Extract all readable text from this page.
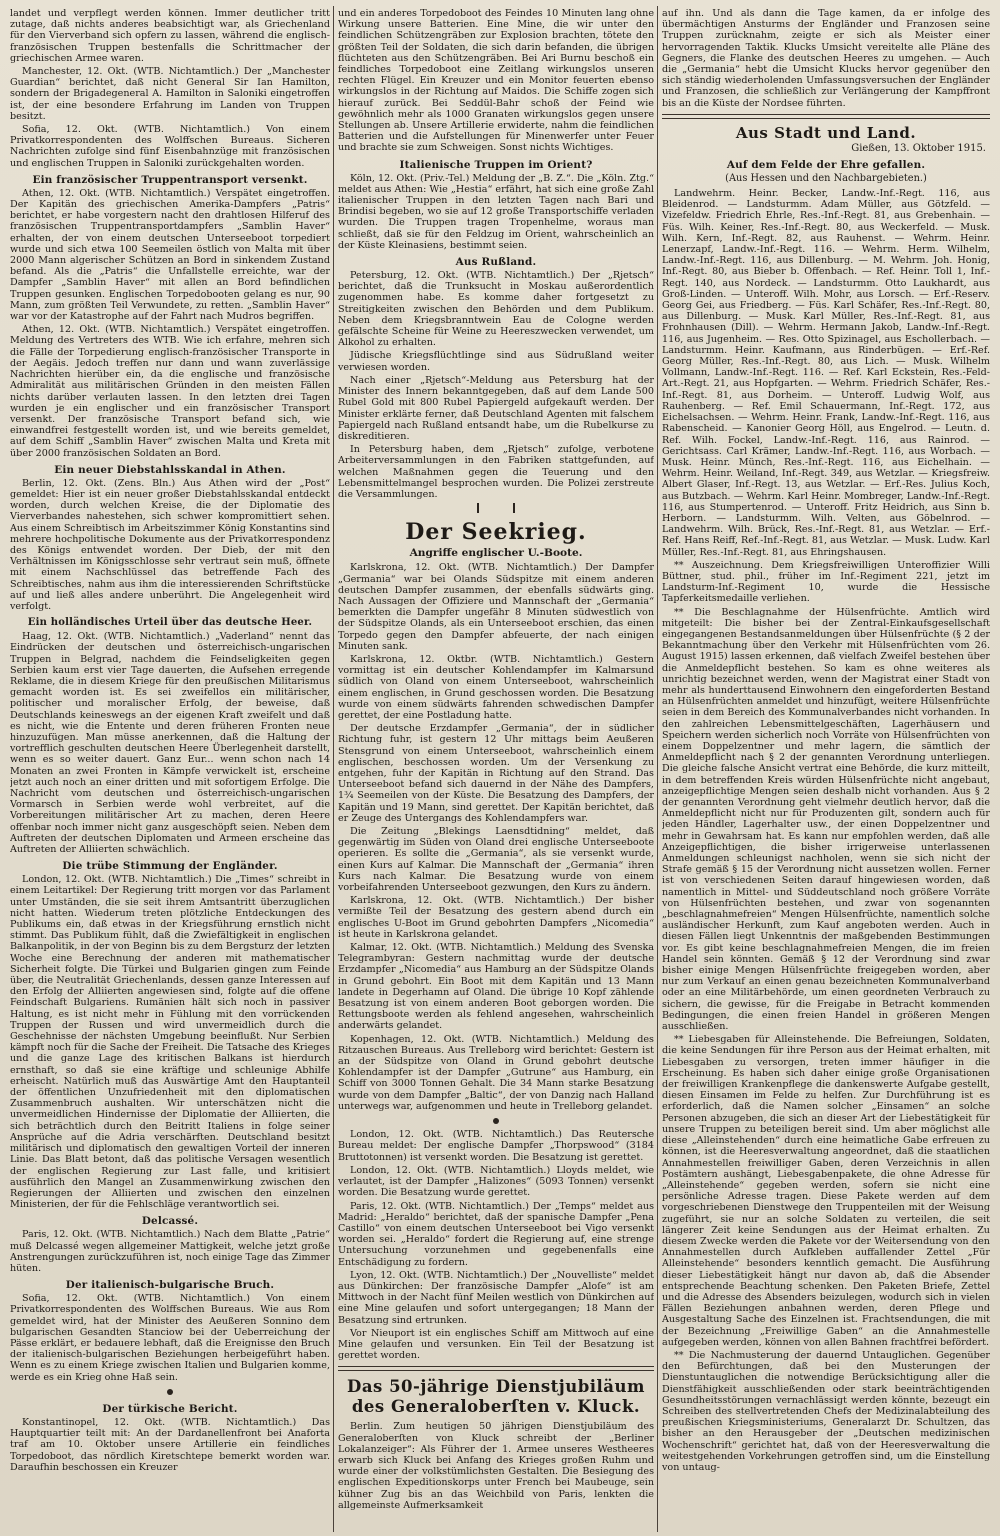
landet und verpflegt werden können. Immer deutlicher tritt zutage, daß nichts anderes beabsichtigt war, als Griechenland für den Vierverband sich opfern zu lassen, während die englisch-französischen Truppen bestenfalls die Schrittmacher der griechischen Armee waren.

Manchester, 12. Okt. (WTB. Nichtamtlich.) Der „Manchester Guardian“ berichtet, daß nicht General Sir Ian Hamilton, sondern der Brigadegeneral A. Hamilton in Saloniki eingetroffen ist, der eine besondere Erfahrung im Landen von Truppen besitzt.

Sofia, 12. Okt. (WTB. Nichtamtlich.) Von einem Privatkorrespondenten des Wolffschen Bureaus. Sicheren Nachrichten zufolge sind fünf Eisenbahnzüge mit französischen und englischen Truppen in Saloniki zurückgehalten worden.

Ein französischer Truppentransport versenkt.

Athen, 12. Okt. (WTB. Nichtamtlich.) Verspätet eingetroffen. Der Kapitän des griechischen Amerika-Dampfers „Patris“ berichtet, er habe vorgestern nacht den drahtlosen Hilferuf des französischen Truppentransportdampfers „Samblin Haver“ erhalten, der von einem deutschen Unterseeboot torpediert wurde und sich etwa 100 Seemeilen östlich von Malta mit über 2000 Mann algerischer Schützen an Bord in sinkendem Zustand befand. Als die „Patris“ die Unfallstelle erreichte, war der Dampfer „Samblin Haver“ mit allen an Bord befindlichen Truppen gesunken. Englischen Torpedobooten gelang es nur, 90 Mann, zum größten Teil Verwundete, zu retten. „Samblin Haver“ war vor der Katastrophe auf der Fahrt nach Mudros begriffen.

Athen, 12. Okt. (WTB. Nichtamtlich.) Verspätet eingetroffen. Meldung des Vertreters des WTB. Wie ich erfahre, mehren sich die Fälle der Torpedierung englisch-französischer Transporte in der Aegäis. Jedoch treffen nur dann und wann zuverlässige Nachrichten hierüber ein, da die englische und französische Admiralität aus militärischen Gründen in den meisten Fällen nichts darüber verlauten lassen. In den letzten drei Tagen wurden je ein englischer und ein französischer Transport versenkt. Der französische Transport befand sich, wie einwandfrei festgestellt worden ist, und wie bereits gemeldet, auf dem Schiff „Samblin Haver“ zwischen Malta und Kreta mit über 2000 französischen Soldaten an Bord.

Ein neuer Diebstahlsskandal in Athen.

Berlin, 12. Okt. (Zens. Bln.) Aus Athen wird der „Post“ gemeldet: Hier ist ein neuer großer Diebstahlsskandal entdeckt worden, durch welchen Kreise, die der Diplomatie des Vierverbandes nahestehen, sich schwer kompromittiert sehen. Aus einem Schreibtisch im Arbeitszimmer König Konstantins sind mehrere hochpolitische Dokumente aus der Privatkorrespondenz des Königs entwendet worden. Der Dieb, der mit den Verhältnissen im Königsschlosse sehr vertraut sein muß, öffnete mit einem Nachschlüssel das betreffende Fach des Schreibtisches, nahm aus ihm die interessierenden Schriftstücke auf und ließ alles andere unberührt. Die Angelegenheit wird verfolgt.

Ein holländisches Urteil über das deutsche Heer.

Haag, 12. Okt. (WTB. Nichtamtlich.) „Vaderland“ nennt das Eindrücken der deutschen und österreichisch-ungarischen Truppen in Belgrad, nachdem die Feindseligkeiten gegen Serbien kaum erst vier Tage dauerten, die Aufsehen erregende Reklame, die in diesem Kriege für den preußischen Militarismus gemacht worden ist. Es sei zweifellos ein militärischer, politischer und moralischer Erfolg, der beweise, daß Deutschlands keineswegs an der eigenen Kraft zweifelt und daß es nicht, wie die Entente und deren früheren Fronten neue hinzuzufügen. Man müsse anerkennen, daß die Haltung der vortrefflich geschulten deutschen Heere Überlegenheit darstellt, wenn es so weiter dauert. Ganz Eur... wenn schon nach 14 Monaten an zwei Fronten in Kämpfe verwickelt ist, erscheine jetzt auch noch an einer dritten und mit sofortigem Erfolge. Die Nachricht vom deutschen und österreichisch-ungarischen Vormarsch in Serbien werde wohl verbreitet, auf die Vorbereitungen militärischer Art zu machen, deren Heere offenbar noch immer nicht ganz ausgeschöpft seien. Neben dem Auftreten der deutschen Diplomaten und Armeen erscheine das Auftreten der Alliierten schwächlich.

Die trübe Stimmung der Engländer.

London, 12. Okt. (WTB. Nichtamtlich.) Die „Times“ schreibt in einem Leitartikel: Der Regierung tritt morgen vor das Parlament unter Umständen, die sie seit ihrem Amtsantritt überzuglichen nicht hatten. Wiederum treten plötzliche Entdeckungen des Publikums ein, daß etwas in der Kriegsführung ernstlich nicht stimmt. Das Publikum fühlt, daß die Zwiefältigkeit in englischen Balkanpolitik, in der von Beginn bis zu dem Bergsturz der letzten Woche eine Berechnung der anderen mit mathematischer Sicherheit folgte. Die Türkei und Bulgarien gingen zum Feinde über, die Neutralität Griechenlands, dessen ganze Interessen auf den Erfolg der Alliierten angewiesen sind, folgte auf die offene Feindschaft Bulgariens. Rumänien hält sich noch in passiver Haltung, es ist nicht mehr in Fühlung mit den vorrückenden Truppen der Russen und wird unvermeidlich durch die Geschehnisse der nächsten Umgebung beeinflußt. Nur Serbien kämpft noch für die Sache der Freiheit. Die Tatsache des Krieges und die ganze Lage des kritischen Balkans ist hierdurch ernsthaft, so daß sie eine kräftige und schleunige Abhilfe erheischt. Natürlich muß das Auswärtige Amt den Hauptanteil der öffentlichen Unzufriedenheit mit den diplomatischen Zusammenbruch aushalten. Wir unterschätzen nicht die unvermeidlichen Hindernisse der Diplomatie der Alliierten, die sich beträchtlich durch den Beitritt Italiens in folge seiner Ansprüche auf die Adria verschärften. Deutschland besitzt militärisch und diplomatisch den gewaltigen Vorteil der inneren Linie. Das Blatt betont, daß das politische Versagen wesentlich der englischen Regierung zur Last falle, und kritisiert ausführlich den Mangel an Zusammenwirkung zwischen den Regierungen der Alliierten und zwischen den einzelnen Ministerien, der für die Fehlschläge verantwortlich sei.

Delcassé.

Paris, 12. Okt. (WTB. Nichtamtlich.) Nach dem Blatte „Patrie“ muß Delcassé wegen allgemeiner Mattigkeit, welche jetzt große Anstrengungen zurückzuführen ist, noch einige Tage das Zimmer hüten.

Der italienisch-bulgarische Bruch.

Sofia, 12. Okt. (WTB. Nichtamtlich.) Von einem Privatkorrespondenten des Wolffschen Bureaus. Wie aus Rom gemeldet wird, hat der Minister des Aeußeren Sonnino dem bulgarischen Gesandten Stanciow bei der Ueberreichung der Pässe erklärt, er bedauere lebhaft, daß die Ereignisse den Bruch der italienisch-bulgarischen Beziehungen herbeigeführt haben. Wenn es zu einem Kriege zwischen Italien und Bulgarien komme, werde es ein Krieg ohne Haß sein.

Der türkische Bericht.

Konstantinopel, 12. Okt. (WTB. Nichtamtlich.) Das Hauptquartier teilt mit: An der Dardanellenfront bei Anaforta traf am 10. Oktober unsere Artillerie ein feindliches Torpedoboot, das nördlich Kiretschtepe bemerkt worden war. Daraufhin beschossen ein Kreuzer

und ein anderes Torpedoboot des Feindes 10 Minuten lang ohne Wirkung unsere Batterien. Eine Mine, die wir unter den feindlichen Schützengräben zur Explosion brachten, tötete den größten Teil der Soldaten, die sich darin befanden, die übrigen flüchteten aus den Schützengräben. Bei Ari Burnu beschoß ein feindliches Torpedoboot eine Zeitlang wirkungslos unseren rechten Flügel. Ein Kreuzer und ein Monitor feuerten ebenso wirkungslos in der Richtung auf Maidos. Die Schiffe zogen sich hierauf zurück. Bei Seddül-Bahr schoß der Feind wie gewöhnlich mehr als 1000 Granaten wirkungslos gegen unsere Stellungen ab. Unsere Artillerie erwiderte, nahm die feindlichen Batterien und die Aufstellungen für Minenwerfer unter Feuer und brachte sie zum Schweigen. Sonst nichts Wichtiges.

Italienische Truppen im Orient?

Köln, 12. Okt. (Priv.-Tel.) Meldung der „B. Z.“. Die „Köln. Ztg.“ meldet aus Athen: Wie „Hestia“ erfährt, hat sich eine große Zahl italienischer Truppen in den letzten Tagen nach Bari und Brindisi begeben, wo sie auf 12 große Transportschiffe verladen wurden. Die Truppen tragen Tropenhelme, woraus man schließt, daß sie für den Feldzug im Orient, wahrscheinlich an der Küste Kleinasiens, bestimmt seien.

Aus Rußland.

Petersburg, 12. Okt. (WTB. Nichtamtlich.) Der „Rjetsch“ berichtet, daß die Trunksucht in Moskau außerordentlich zugenommen habe. Es komme daher fortgesetzt zu Streitigkeiten zwischen den Behörden und dem Publikum. Neben dem Kriegsbranntwein Eau de Cologne werden gefälschte Scheine für Weine zu Heereszwecken verwendet, um Alkohol zu erhalten.

Jüdische Kriegsflüchtlinge sind aus Südrußland weiter verwiesen worden.

Nach einer „Rjetsch“-Meldung aus Petersburg hat der Minister des Innern bekanntgegeben, daß auf dem Lande 500 Rubel Gold mit 800 Rubel Papiergeld aufgekauft werden. Der Minister erklärte ferner, daß Deutschland Agenten mit falschem Papiergeld nach Rußland entsandt habe, um die Rubelkurse zu diskreditieren.

In Petersburg haben, dem „Rjetsch“ zufolge, verbotene Arbeiterversammlungen in den Fabriken stattgefunden, auf welchen Maßnahmen gegen die Teuerung und den Lebensmittelmangel besprochen wurden. Die Polizei zerstreute die Versammlungen.

Der Seekrieg.
Angriffe englischer U.-Boote.

Karlskrona, 12. Okt. (WTB. Nichtamtlich.) Der Dampfer „Germania“ war bei Olands Südspitze mit einem anderen deutschen Dampfer zusammen, der ebenfalls südwärts ging. Nach Aussagen der Offiziere und Mannschaft der „Germania“ bemerkten die Dampfer ungefähr 8 Minuten südwestlich von der Südspitze Olands, als ein Unterseeboot erschien, das einen Torpedo gegen den Dampfer abfeuerte, der nach einigen Minuten sank.

Karlskrona, 12. Oktbr. (WTB. Nichtamtlich.) Gestern vormittag ist ein deutscher Kohlendampfer im Kalmarsund südlich von Oland von einem Unterseeboot, wahrscheinlich einem englischen, in Grund geschossen worden. Die Besatzung wurde von einem südwärts fahrenden schwedischen Dampfer gerettet, der eine Postladung hatte.

Der deutsche Erzdampfer „Germania“, der in südlicher Richtung fuhr, ist gestern 12 Uhr mittags beim Aeußeren Stensgrund von einem Unterseeboot, wahrscheinlich einem englischen, beschossen worden. Um der Versenkung zu entgehen, fuhr der Kapitän in Richtung auf den Strand. Das Unterseeboot befand sich dauernd in der Nähe des Dampfers, 1¾ Seemeilen von der Küste. Die Besatzung des Dampfers, der Kapitän und 19 Mann, sind gerettet. Der Kapitän berichtet, daß er Zeuge des Untergangs des Kohlendampfers war.

Die Zeitung „Blekings Laensdtidning“ meldet, daß gegenwärtig im Süden von Oland drei englische Unterseeboote operieren. Es sollte die „Germania“, als sie versenkt wurde, einen Kurs auf Kalmar. Die Mannschaft der „Germania“ ihren Kurs nach Kalmar. Die Besatzung wurde von einem vorbeifahrenden Unterseeboot gezwungen, den Kurs zu ändern.

Karlskrona, 12. Okt. (WTB. Nichtamtlich.) Der bisher vermißte Teil der Besatzung des gestern abend durch ein englisches U-Boot im Grund gebohrten Dampfers „Nicomedia“ ist heute in Karlskrona gelandet.

Kalmar, 12. Okt. (WTB. Nichtamtlich.) Meldung des Svenska Telegrambyran: Gestern nachmittag wurde der deutsche Erzdampfer „Nicomedia“ aus Hamburg an der Südspitze Olands in Grund gebohrt. Ein Boot mit dem Kapitän und 13 Mann landete in Degerhamn auf Oland. Die übrige 10 Kopf zählende Besatzung ist von einem anderen Boot geborgen worden. Die Rettungsboote werden als fehlend angesehen, wahrscheinlich anderwärts gelandet.

Kopenhagen, 12. Okt. (WTB. Nichtamtlich.) Meldung des Ritzauschen Bureaus. Aus Trelleborg wird berichtet: Gestern ist an der Südspitze von Oland in Grund gebohrt deutsche Kohlendampfer ist der Dampfer „Gutrune“ aus Hamburg, ein Schiff von 3000 Tonnen Gehalt. Die 34 Mann starke Besatzung wurde von dem Dampfer „Baltic“, der von Danzig nach Halland unterwegs war, aufgenommen und heute in Trelleborg gelandet.

London, 12. Okt. (WTB. Nichtamtlich.) Das Reutersche Bureau meldet: Der englische Dampfer „Thorpswood“ (3184 Bruttotonnen) ist versenkt worden. Die Besatzung ist gerettet.

London, 12. Okt. (WTB. Nichtamtlich.) Lloyds meldet, wie verlautet, ist der Dampfer „Halizones“ (5093 Tonnen) versenkt worden. Die Besatzung wurde gerettet.

Paris, 12. Okt. (WTB. Nichtamtlich.) Der „Temps“ meldet aus Madrid: „Heraldo“ berichtet, daß der spanische Dampfer „Pena Castillo“ von einem deutschen Unterseeboot bei Vigo versenkt worden sei. „Heraldo“ fordert die Regierung auf, eine strenge Untersuchung vorzunehmen und gegebenenfalls eine Entschädigung zu fordern.

Lyon, 12. Okt. (WTB. Nichtamtlich.) Der „Nouvelliste“ meldet aus Dünkirchen: Der französische Dampfer „Aloſe“ ist am Mittwoch in der Nacht fünf Meilen westlich von Dünkirchen auf eine Mine gelaufen und sofort untergegangen; 18 Mann der Besatzung sind ertrunken.

Vor Nieuport ist ein englisches Schiff am Mittwoch auf eine Mine gelaufen und versunken. Ein Teil der Besatzung ist gerettet worden.

Das 50-jährige Dienstjubiläum des Generaloberſten v. Kluck.

Berlin. Zum heutigen 50 jährigen Dienstjubiläum des Generaloberſten von Kluck schreibt der „Berliner Lokalanzeiger“: Als Führer der 1. Armee unseres Westheeres erwarb sich Kluck bei Anfang des Krieges großen Ruhm und wurde einer der volkstümlichsten Gestalten. Die Besiegung des englischen Expeditionskorps unter French bei Maubeuge, sein kühner Zug bis an das Weichbild von Paris, lenkten die allgemeinste Aufmerksamkeit

auf ihn. Und als dann die Tage kamen, da er infolge des übermächtigen Ansturms der Engländer und Franzosen seine Truppen zurücknahm, zeigte er sich als Meister einer hervorragenden Taktik. Klucks Umsicht vereitelte alle Pläne des Gegners, die Flanke des deutschen Heeres zu umgehen. — Auch die „Germania“ hebt die Umsicht Klucks hervor gegenüber den sich ständig wiederholenden Umfassungsversuchen der Engländer und Franzosen, die schließlich zur Verlängerung der Kampffront bis an die Küste der Nordsee führten.

Aus Stadt und Land.
Gießen, 13. Oktober 1915.
Auf dem Felde der Ehre gefallen.
(Aus Hessen und den Nachbargebieten.)

Landwehrm. Heinr. Becker, Landw.-Inf.-Regt. 116, aus Bleidenrod. — Landsturmm. Adam Müller, aus Götzfeld. — Vizefeldw. Friedrich Ehrle, Res.-Inf.-Regt. 81, aus Grebenhain. — Füs. Wilh. Keiner, Res.-Inf.-Regt. 80, aus Weckerfeld. — Musk. Wilh. Kern, Inf.-Regt. 82, aus Rauhenst. — Wehrm. Heinr. Lenerzapf, Landw.-Inf.-Regt. 116. — Wehrm. Herm. Wilhelm, Landw.-Inf.-Regt. 116, aus Dillenburg. — M. Wehrm. Joh. Honig, Inf.-Regt. 80, aus Bieber b. Offenbach. — Ref. Heinr. Toll 1, Inf.-Regt. 140, aus Nordeck. — Landsturmm. Otto Laukhardt, aus Groß-Linden. — Unteroff. Wilh. Mohr, aus Lorsch. — Erf.-Reserv. Georg Gei, aus Friedberg. — Füs. Karl Schäfer, Res.-Inf.-Regt. 80, aus Dillenburg. — Musk. Karl Müller, Res.-Inf.-Regt. 81, aus Frohnhausen (Dill). — Wehrm. Hermann Jakob, Landw.-Inf.-Regt. 116, aus Jugenheim. — Res. Otto Spizinagel, aus Eschollerbach. — Landsturmm. Heinr. Kaufmann, aus Rinderbügen. — Erf.-Ref. Georg Müller, Res.-Inf.-Regt. 80, aus Lich. — Musk. Wilhelm Vollmann, Landw.-Inf.-Regt. 116. — Ref. Karl Eckstein, Res.-Feld-Art.-Regt. 21, aus Hopfgarten. — Wehrm. Friedrich Schäfer, Res.-Inf.-Regt. 81, aus Dorheim. — Unteroff. Ludwig Wolf, aus Rauhenberg. — Ref. Emil Schauermann, Inf.-Regt. 172, aus Eichelsachsen. — Wehrm. Heinr. Frank, Landw.-Inf.-Regt. 116, aus Rabenscheid. — Kanonier Georg Höll, aus Engelrod. — Leutn. d. Ref. Wilh. Fockel, Landw.-Inf.-Regt. 116, aus Rainrod. — Gerichtsass. Carl Krämer, Landw.-Inf.-Regt. 116, aus Worbach. — Musk. Heinr. Münch, Res.-Inf.-Regt. 116, aus Eichelhain. — Wehrm. Heinr. Weiland, Inf.-Regt. 349, aus Wetzlar. — Kriegsfreiw. Albert Glaser, Inf.-Regt. 13, aus Wetzlar. — Erf.-Res. Julius Koch, aus Butzbach. — Wehrm. Karl Heinr. Mombreger, Landw.-Inf.-Regt. 116, aus Stumpertenrod. — Unteroff. Fritz Heidrich, aus Sinn b. Herborn. — Landsturmm. Wilh. Velten, aus Göbelnrod. — Landwehrm. Wilh. Brück, Res.-Inf.-Regt. 81, aus Wetzlar. — Erf.-Ref. Hans Reiff, Ref.-Inf.-Regt. 81, aus Wetzlar. — Musk. Ludw. Karl Müller, Res.-Inf.-Regt. 81, aus Ehringshausen.

** Auszeichnung. Dem Kriegsfreiwilligen Unteroffizier Willi Büttner, stud. phil., früher im Inf.-Regiment 221, jetzt im Landsturm-Inf.-Regiment 10, wurde die Hessische Tapferkeitsmedaille verliehen.

** Die Beschlagnahme der Hülsenfrüchte. Amtlich wird mitgeteilt: Die bisher bei der Zentral-Einkaufsgesellschaft eingegangenen Bestandsanmeldungen über Hülsenfrüchte (§ 2 der Bekanntmachung über den Verkehr mit Hülsenfrüchten vom 26. August 1915) lassen erkennen, daß vielfach Zweifel bestehen über die Anmeldepflicht bestehen. So kam es ohne weiteres als unrichtig bezeichnet werden, wenn der Magistrat einer Stadt von mehr als hunderttausend Einwohnern den eingeforderten Bestand an Hülsenfrüchten anmeldet und hinzufügt, weitere Hülsenfrüchte seien in dem Bereich des Kommunalverbandes nicht vorhanden. In den zahlreichen Lebensmittelgeschäften, Lagerhäusern und Speichern werden sicherlich noch Vorräte von Hülsenfrüchten von einem Doppelzentner und mehr lagern, die sämtlich der Anmeldepflicht nach § 2 der genannten Verordnung unterliegen. Die gleiche falsche Ansicht vertrat eine Behörde, die kurz mitteilt, in dem betreffenden Kreis würden Hülsenfrüchte nicht angebaut, anzeigepflichtige Mengen seien deshalb nicht vorhanden. Aus § 2 der genannten Verordnung geht vielmehr deutlich hervor, daß die Anmeldepflicht nicht nur für Produzenten gilt, sondern auch für jeden Händler, Lagerhalter usw., der einen Doppelzentner und mehr in Gewahrsam hat. Es kann nur empfohlen werden, daß alle Anzeigepflichtigen, die bisher irrigerweise unterlassenen Anmeldungen schleunigst nachholen, wenn sie sich nicht der Strafe gemäß § 15 der Verordnung nicht aussetzen wollen. Ferner ist von verschiedenen Seiten darauf hingewiesen worden, daß namentlich in Mittel- und Süddeutschland noch größere Vorräte von Hülsenfrüchten bestehen, und zwar von sogenannten „beschlagnahmefreien“ Mengen Hülsenfrüchte, namentlich solche ausländischer Herkunft, zum Kauf angeboten werden. Auch in diesen Fällen liegt Unkenntnis der maßgebenden Bestimmungen vor. Es gibt keine beschlagnahmefreien Mengen, die im freien Handel sein könnten. Gemäß § 12 der Verordnung sind zwar bisher einige Mengen Hülsenfrüchte freigegeben worden, aber nur zum Verkauf an einen genau bezeichneten Kommunalverband oder an eine Militärbehörde, um einen geordneten Verbrauch zu sichern, die gewisse, für die Freigabe in Betracht kommenden Bedingungen, die einen freien Handel in größeren Mengen ausschließen.

** Liebesgaben für Alleinstehende. Die Befreiungen, Soldaten, die keine Sendungen für ihre Person aus der Heimat erhalten, mit Liebesgaben zu versorgen, treten immer häufiger in die Erscheinung. Es haben sich daher einige große Organisationen der freiwilligen Krankenpflege die dankenswerte Aufgabe gestellt, diesen Einsamen im Felde zu helfen. Zur Durchführung ist es erforderlich, daß die Namen solcher „Einsamen“ an solche Personen abzugeben, die sich an dieser Art der Liebestätigkeit für unsere Truppen zu beteiligen bereit sind. Um aber möglichst alle diese „Alleinstehenden“ durch eine heimatliche Gabe erfreuen zu können, ist die Heeresverwaltung angeordnet, daß die staatlichen Annahmestellen freiwilliger Gaben, deren Verzeichnis in allen Postämtern aushängt, Liebesgabenpakete, die ohne Adresse für „Alleinstehende“ gegeben werden, sofern sie nicht eine persönliche Adresse tragen. Diese Pakete werden auf dem vorgeschriebenen Dienstwege den Truppenteilen mit der Weisung zugeführt, sie nur an solche Soldaten zu verteilen, die seit längerer Zeit keine Sendungen aus der Heimat erhalten. Zu diesem Zwecke werden die Pakete vor der Weitersendung von den Annahmestellen durch Aufkleben auffallender Zettel „Für Alleinstehende“ besonders kenntlich gemacht. Die Ausführung dieser Liebestätigkeit hängt nur davon ab, daß die Absender entsprechende Beachtung schenken. Den Paketen Briefe, Zettel und die Adresse des Absenders beizulegen, wodurch sich in vielen Fällen Beziehungen anbahnen werden, deren Pflege und Ausgestaltung Sache des Einzelnen ist. Frachtsendungen, die mit der Bezeichnung „Freiwillige Gaben“ an die Annahmestelle aufgegeben werden, können von allen Bahnen frachtfrei befördert.

** Die Nachmusterung der dauernd Untauglichen. Gegenüber den Befürchtungen, daß bei den Musterungen der Dienstuntauglichen die notwendige Berücksichtigung aller die Dienstfähigkeit ausschließenden oder stark beeinträchtigenden Gesundheitsstörungen vernachlässigt werden könnte, bezeugt ein Schreiben des stellvertretenden Chefs der Medizinalabteilung des preußischen Kriegsministeriums, Generalarzt Dr. Schultzen, das bisher an den Herausgeber der „Deutschen medizinischen Wochenschrift“ gerichtet hat, daß von der Heeresverwaltung die weitestgehenden Vorkehrungen getroffen sind, um die Einstellung von untaug-
